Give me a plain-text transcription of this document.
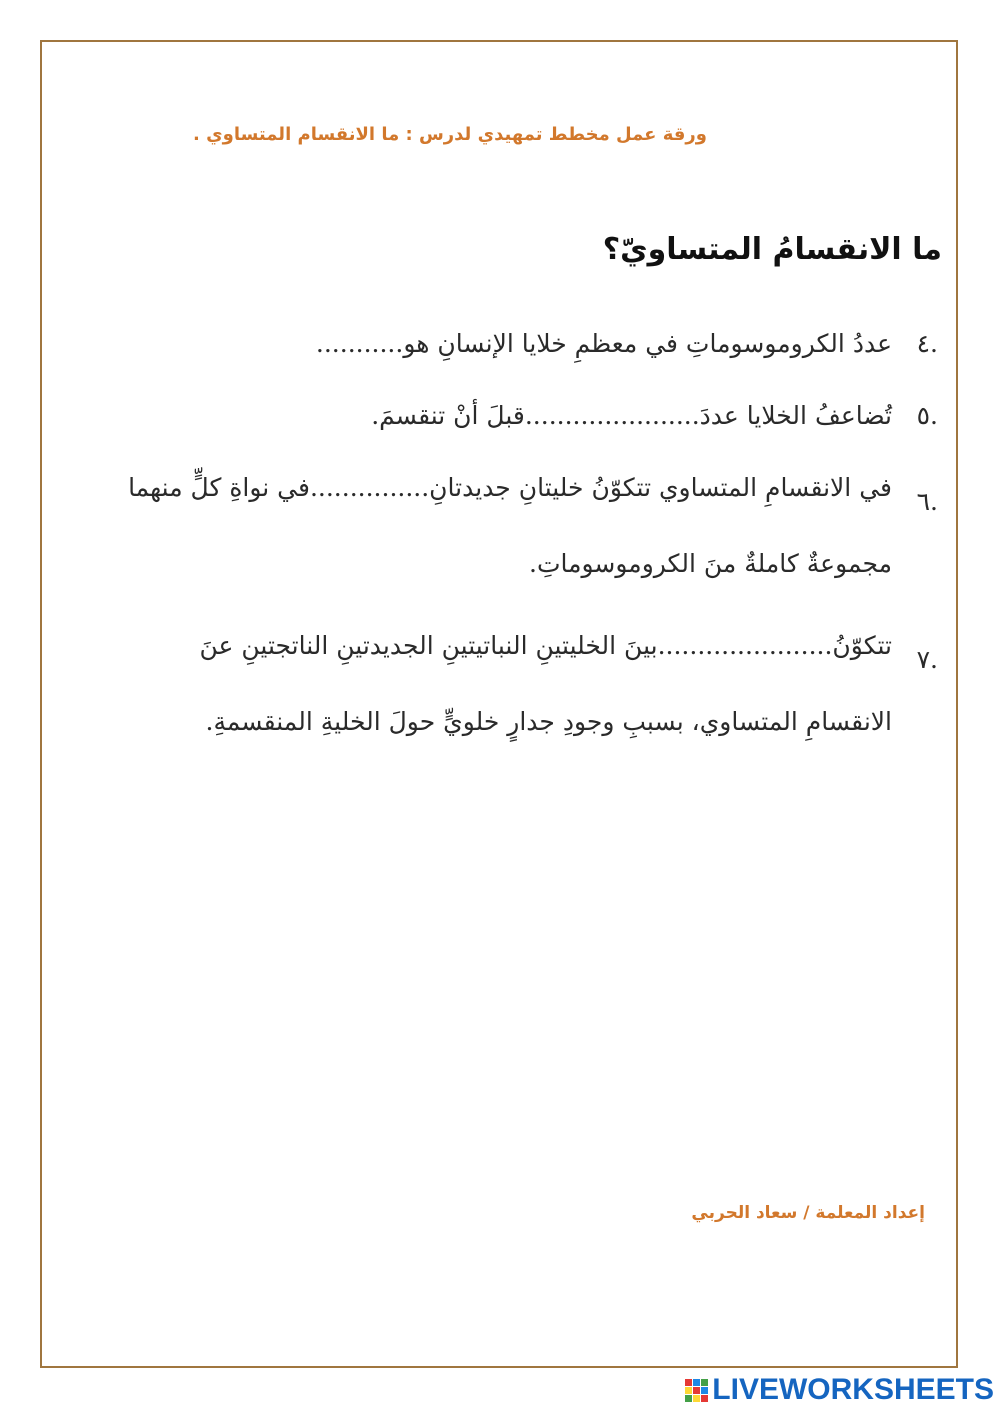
ورقة عمل مخطط تمهيدي لدرس : ما الانقسام المتساوي .
ما الانقسامُ المتساويّ؟
.٤
عددُ الكروموسوماتِ في معظمِ خلايا الإنسانِ هو...........
.٥
تُضاعفُ الخلايا عددَ......................قبلَ أنْ تنقسمَ.
.٦
في الانقسامِ المتساوي تتكوّنُ خليتانِ جديدتانِ...............في نواةِ كلٍّ منهما مجموعةٌ كاملةٌ منَ الكروموسوماتِ.
.٧
تتكوّنُ......................بينَ الخليتينِ النباتيتينِ الجديدتينِ الناتجتينِ عنَ الانقسامِ المتساوي، بسببِ وجودِ جدارٍ خلويٍّ حولَ الخليةِ المنقسمةِ.
إعداد المعلمة / سعاد الحربي
LIVEWORKSHEETS
